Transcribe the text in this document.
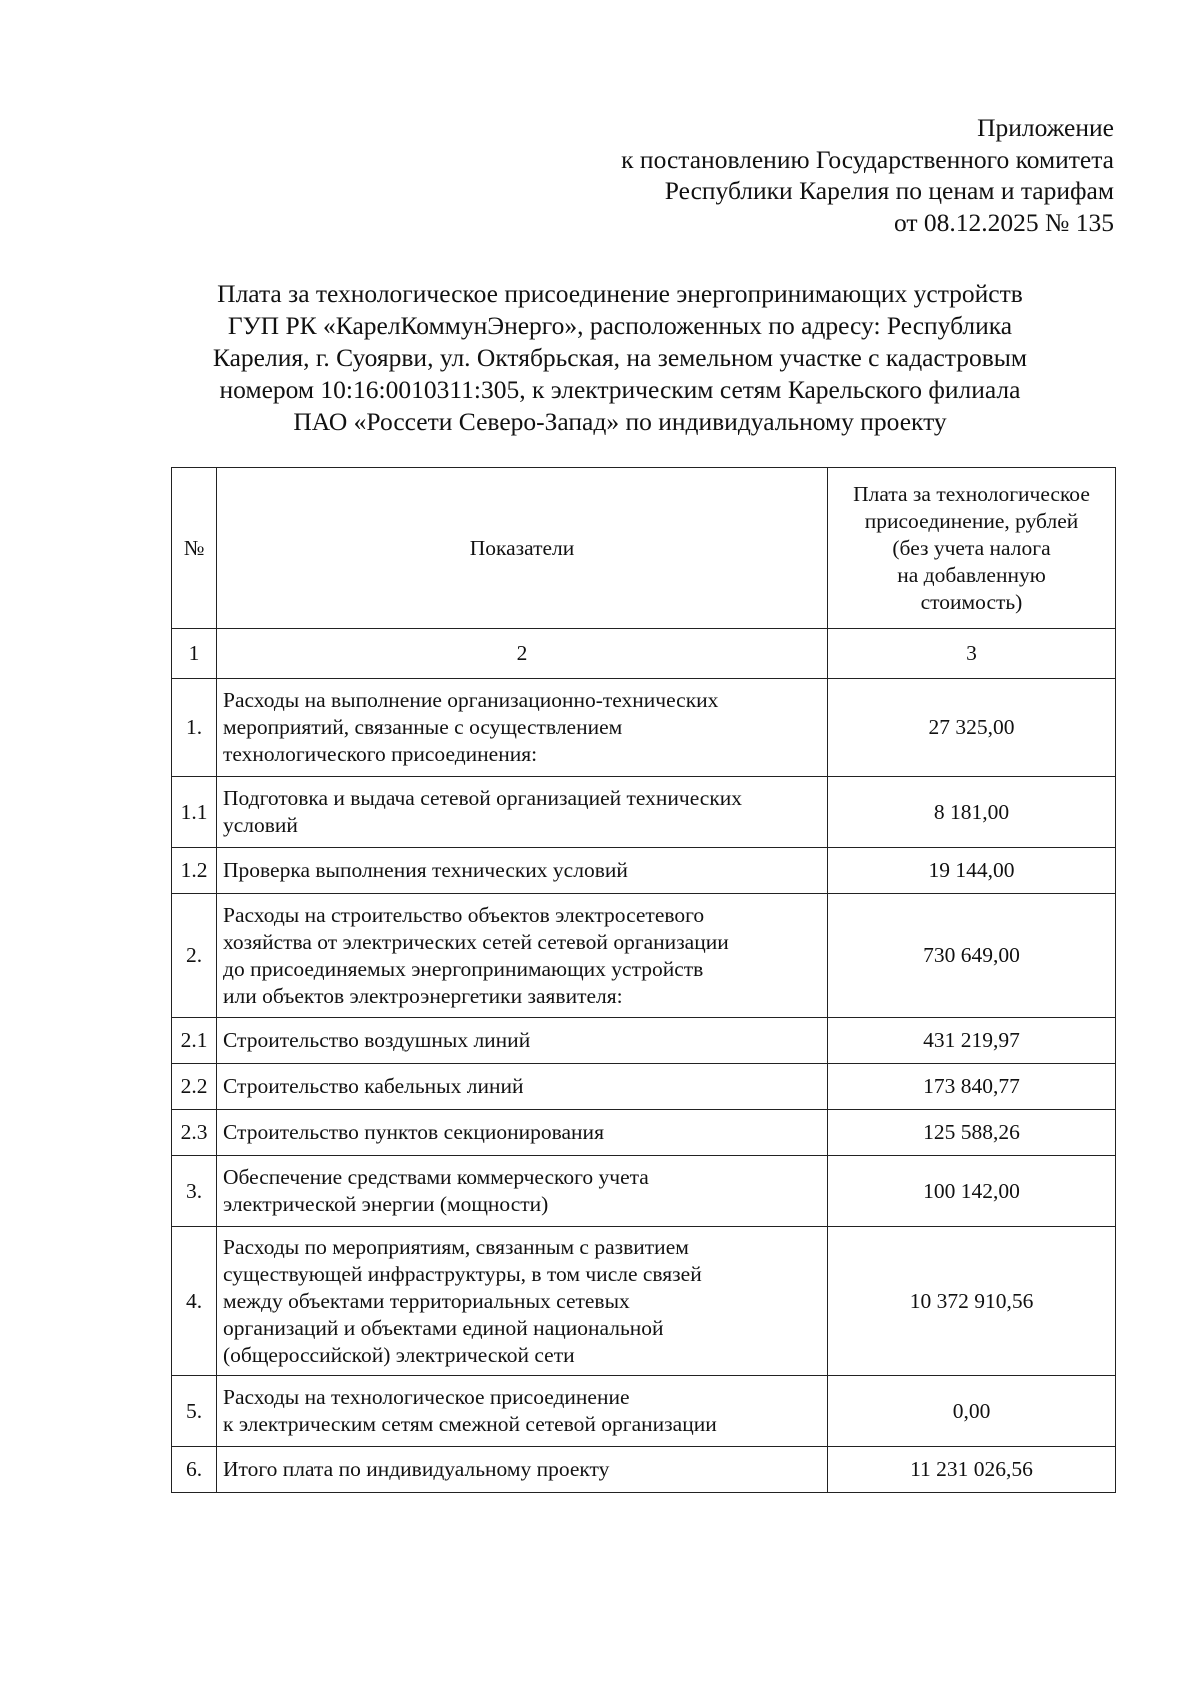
Приложение
к постановлению Государственного комитета
Республики Карелия по ценам и тарифам
от 08.12.2025 № 135
Плата за технологическое присоединение энергопринимающих устройств
ГУП РК «КарелКоммунЭнерго», расположенных по адресу: Республика
Карелия, г. Суоярви, ул. Октябрьская, на земельном участке с кадастровым
номером 10:16:0010311:305, к электрическим сетям Карельского филиала
ПАО «Россети Северо-Запад» по индивидуальному проекту
№	Показатели	Плата за технологическое
присоединение, рублей
(без учета налога
на добавленную
стоимость)

1	2	3
1.	Расходы на выполнение организационно-технических
мероприятий, связанные с осуществлением
технологического присоединения:	27 325,00
1.1	Подготовка и выдача сетевой организацией технических
условий	8 181,00
1.2	Проверка выполнения технических условий	19 144,00
2.	Расходы на строительство объектов электросетевого
хозяйства от электрических сетей сетевой организации
до присоединяемых энергопринимающих устройств
или объектов электроэнергетики заявителя:	730 649,00
2.1	Строительство воздушных линий	431 219,97
2.2	Строительство кабельных линий	173 840,77
2.3	Строительство пунктов секционирования	125 588,26
3.	Обеспечение средствами коммерческого учета
электрической энергии (мощности)	100 142,00
4.	Расходы по мероприятиям, связанным с развитием
существующей инфраструктуры, в том числе связей
между объектами территориальных сетевых
организаций и объектами единой национальной
(общероссийской) электрической сети	10 372 910,56
5.	Расходы на технологическое присоединение
к электрическим сетям смежной сетевой организации	0,00
6.	Итого плата по индивидуальному проекту	11 231 026,56
